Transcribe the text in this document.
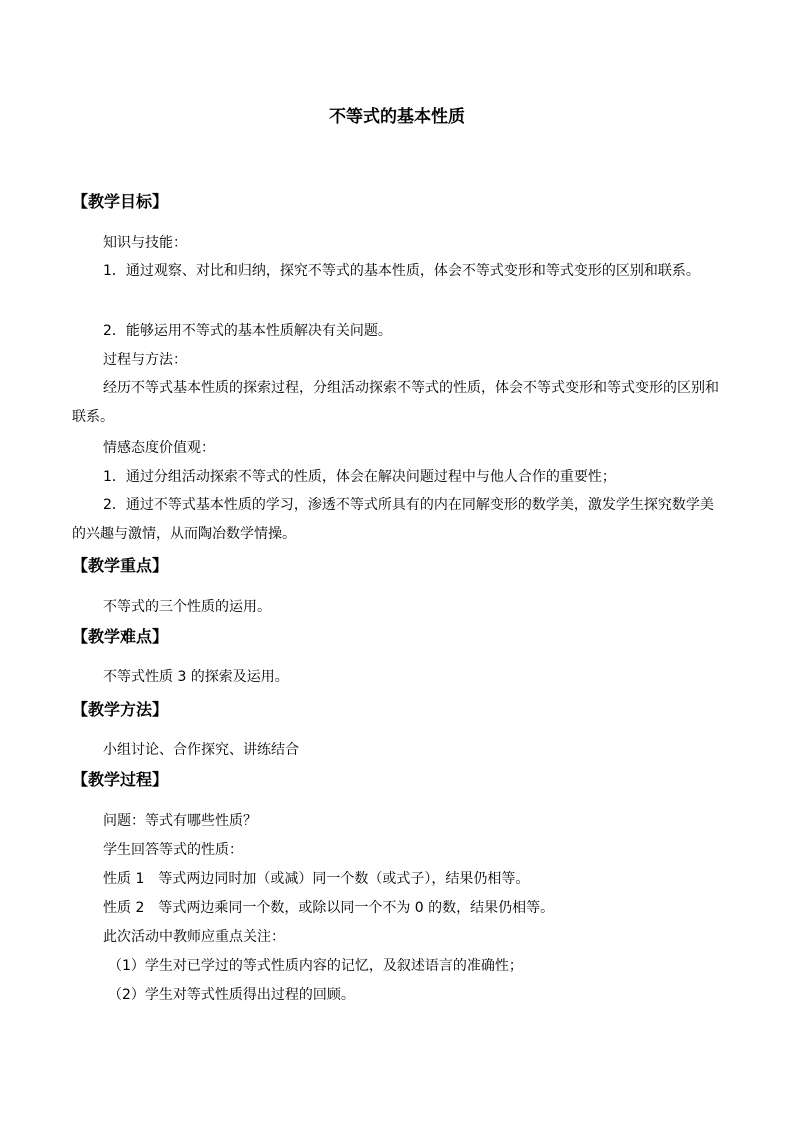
不等式的基本性质
【教学目标】
知识与技能：

1．通过观察、对比和归纳，探究不等式的基本性质，体会不等式变形和等式变形的区别和联系。

2．能够运用不等式的基本性质解决有关问题。
过程与方法：

经历不等式基本性质的探索过程，分组活动探索不等式的性质，体会不等式变形和等式变形的区别和联系。

情感态度价值观：
1．通过分组活动探索不等式的性质，体会在解决问题过程中与他人合作的重要性；

2．通过不等式基本性质的学习，渗透不等式所具有的内在同解变形的数学美，激发学生探究数学美的兴趣与激情，从而陶冶数学情操。

【教学重点】
不等式的三个性质的运用。
【教学难点】
不等式性质 3 的探索及运用。
【教学方法】
小组讨论、合作探究、讲练结合
【教学过程】
问题：等式有哪些性质？
学生回答等式的性质：
性质 1　等式两边同时加（或减）同一个数（或式子），结果仍相等。
性质 2　等式两边乘同一个数，或除以同一个不为 0 的数，结果仍相等。
此次活动中教师应重点关注：
（1）学生对已学过的等式性质内容的记忆，及叙述语言的准确性；
（2）学生对等式性质得出过程的回顾。
